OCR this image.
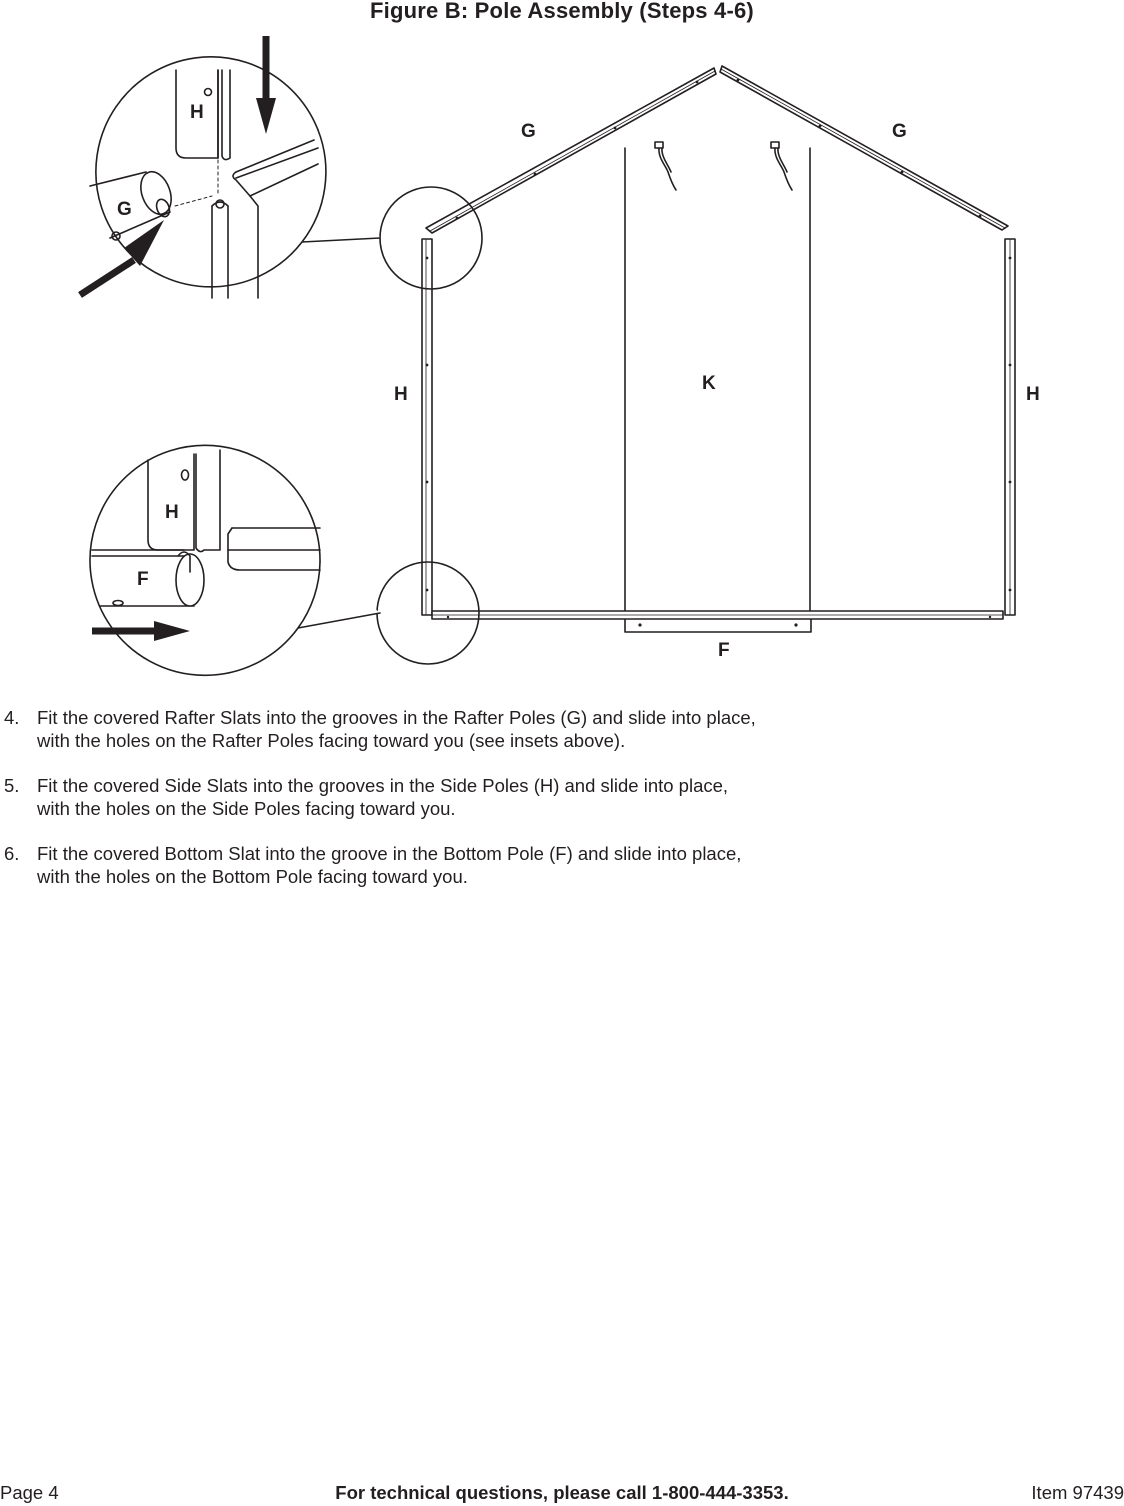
Figure B: Pole Assembly (Steps 4-6)
G	G
H	H
K
F
H
G
H
F
4. Fit the covered Rafter Slats into the grooves in the Rafter Poles (G) and slide into place,
with the holes on the Rafter Poles facing toward you (see insets above).
5. Fit the covered Side Slats into the grooves in the Side Poles (H) and slide into place,
with the holes on the Side Poles facing toward you.
6. Fit the covered Bottom Slat into the groove in the Bottom Pole (F) and slide into place,
with the holes on the Bottom Pole facing toward you.
Page 4	For technical questions, please call 1-800-444-3353.	Item 97439
